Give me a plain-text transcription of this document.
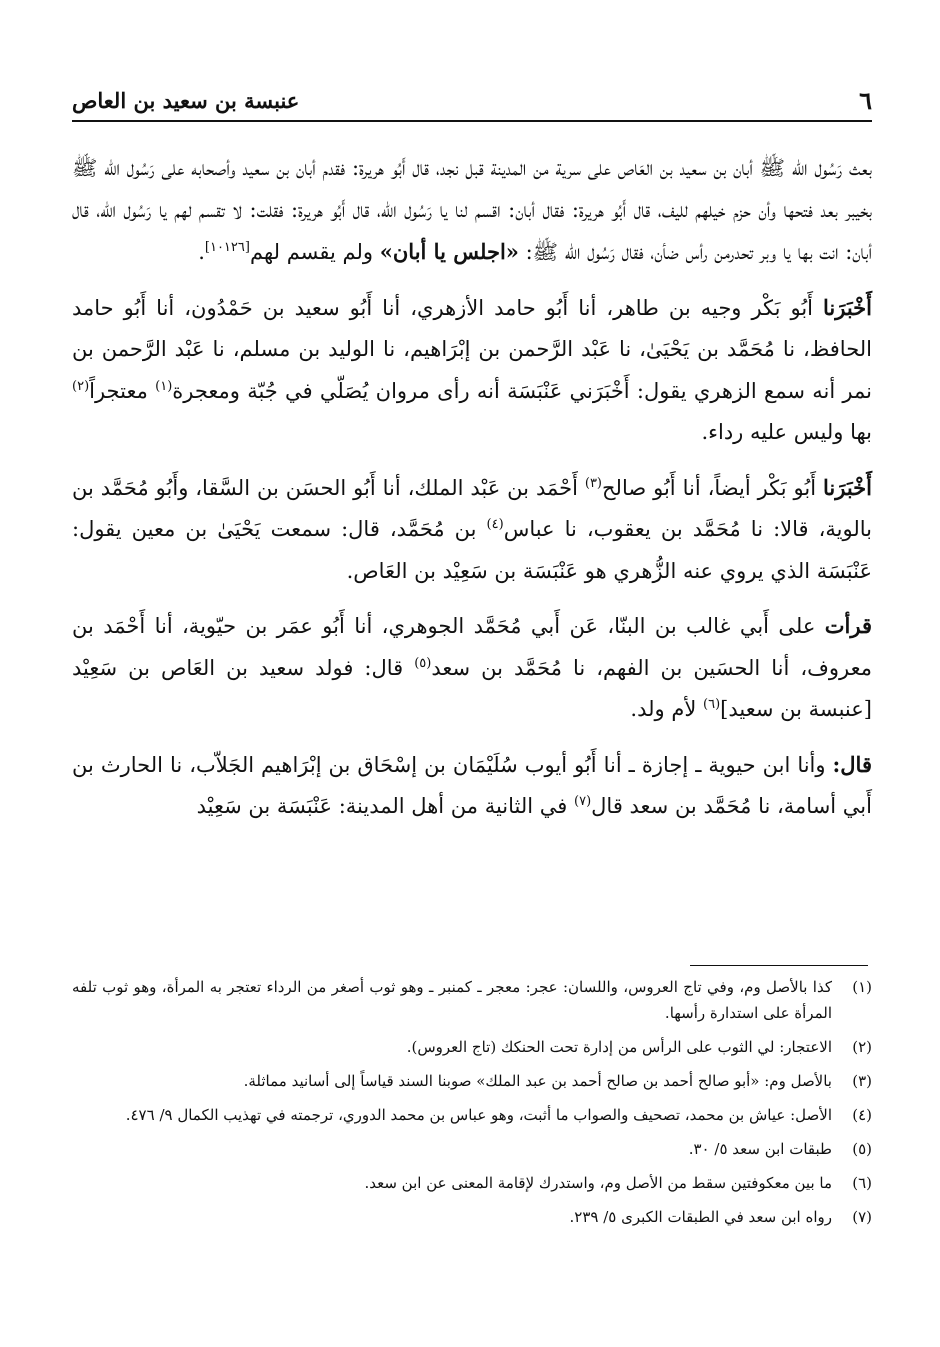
٦
عنبسة بن سعيد بن العاص

بعث رَسُول الله ﷺ أبان بن سعيد بن العَاص على سرية من المدينة قبل نجد، قال أَبُو هريرة: فقدم أبان بن سعيد وأصحابه على رَسُول الله ﷺ بخيبر بعد فتحها وأن حزم خيلهم لليف، قال أَبُو هريرة: فقال أبان: اقسم لنا يا رَسُول الله، قال أَبُو هريرة: فقلت: لا تقسم لهم يا رَسُول الله، قال أبان: انت بها يا وبر تحدرمن رأس ضأن، فقال رَسُول الله ﷺ: «اجلس يا أبان» ولم يقسم لهم[١٠١٢٦].

أَخْبَرَنا أَبُو بَكْر وجيه بن طاهر، أنا أَبُو حامد الأزهري، أنا أَبُو سعيد بن حَمْدُون، أنا أَبُو حامد الحافظ، نا مُحَمَّد بن يَحْيَىٰ، نا عَبْد الرَّحمن بن إبْرَاهيم، نا الوليد بن مسلم، نا عَبْد الرَّحمن بن نمر أنه سمع الزهري يقول: أَخْبَرَني عَنْبَسَة أنه رأى مروان يُصَلّي في جُبّة ومعجرة$^{(١)}$ معتجراً$^{(٢)}$ بها وليس عليه رداء.

أَخْبَرَنا أَبُو بَكْر أيضاً، أنا أَبُو صالح$^{(٣)}$ أَحْمَد بن عَبْد الملك، أنا أَبُو الحسَن بن السَّقا، وأَبُو مُحَمَّد بن بالوية، قالا: نا مُحَمَّد بن يعقوب، نا عباس$^{(٤)}$ بن مُحَمَّد، قال: سمعت يَحْيَىٰ بن معين يقول: عَنْبَسَة الذي يروي عنه الزُّهري هو عَنْبَسَة بن سَعِيْد بن العَاص.

قرأت على أَبي غالب بن البنّا، عَن أَبي مُحَمَّد الجوهري، أنا أَبُو عمَر بن حيّوية، أنا أَحْمَد بن معروف، أنا الحسَين بن الفهم، نا مُحَمَّد بن سعد$^{(٥)}$ قال: فولد سعيد بن العَاص بن سَعِيْد [عنبسة بن سعيد]$^{(٦)}$ لأم ولد.

قال: وأنا ابن حيوية ـ إجازة ـ أنا أَبُو أيوب سُلَيْمَان بن إسْحَاق بن إبْرَاهيم الجَلاّب، نا الحارث بن أَبي أسامة، نا مُحَمَّد بن سعد قال$^{(٧)}$ في الثانية من أهل المدينة: عَنْبَسَة بن سَعِيْد

(١)
كذا بالأصل وم، وفي تاج العروس، واللسان: عجر: معجر ـ كمنبر ـ وهو ثوب أصغر من الرداء تعتجر به المرأة، وهو ثوب تلفه المرأة على استدارة رأسها.
(٢)
الاعتجار: لي الثوب على الرأس من إدارة تحت الحنكك (تاج العروس).
(٣)
بالأصل وم: «أبو صالح أحمد بن صالح أحمد بن عبد الملك» صوبنا السند قياساً إلى أسانيد مماثلة.
(٤)
الأصل: عياش بن محمد، تصحيف والصواب ما أثبت، وهو عباس بن محمد الدوري، ترجمته في تهذيب الكمال ٩/ ٤٧٦.
(٥)
طبقات ابن سعد ٥/ ٣٠.
(٦)
ما بين معكوفتين سقط من الأصل وم، واستدرك لإقامة المعنى عن ابن سعد.
(٧)
رواه ابن سعد في الطبقات الكبرى ٥/ ٢٣٩.
